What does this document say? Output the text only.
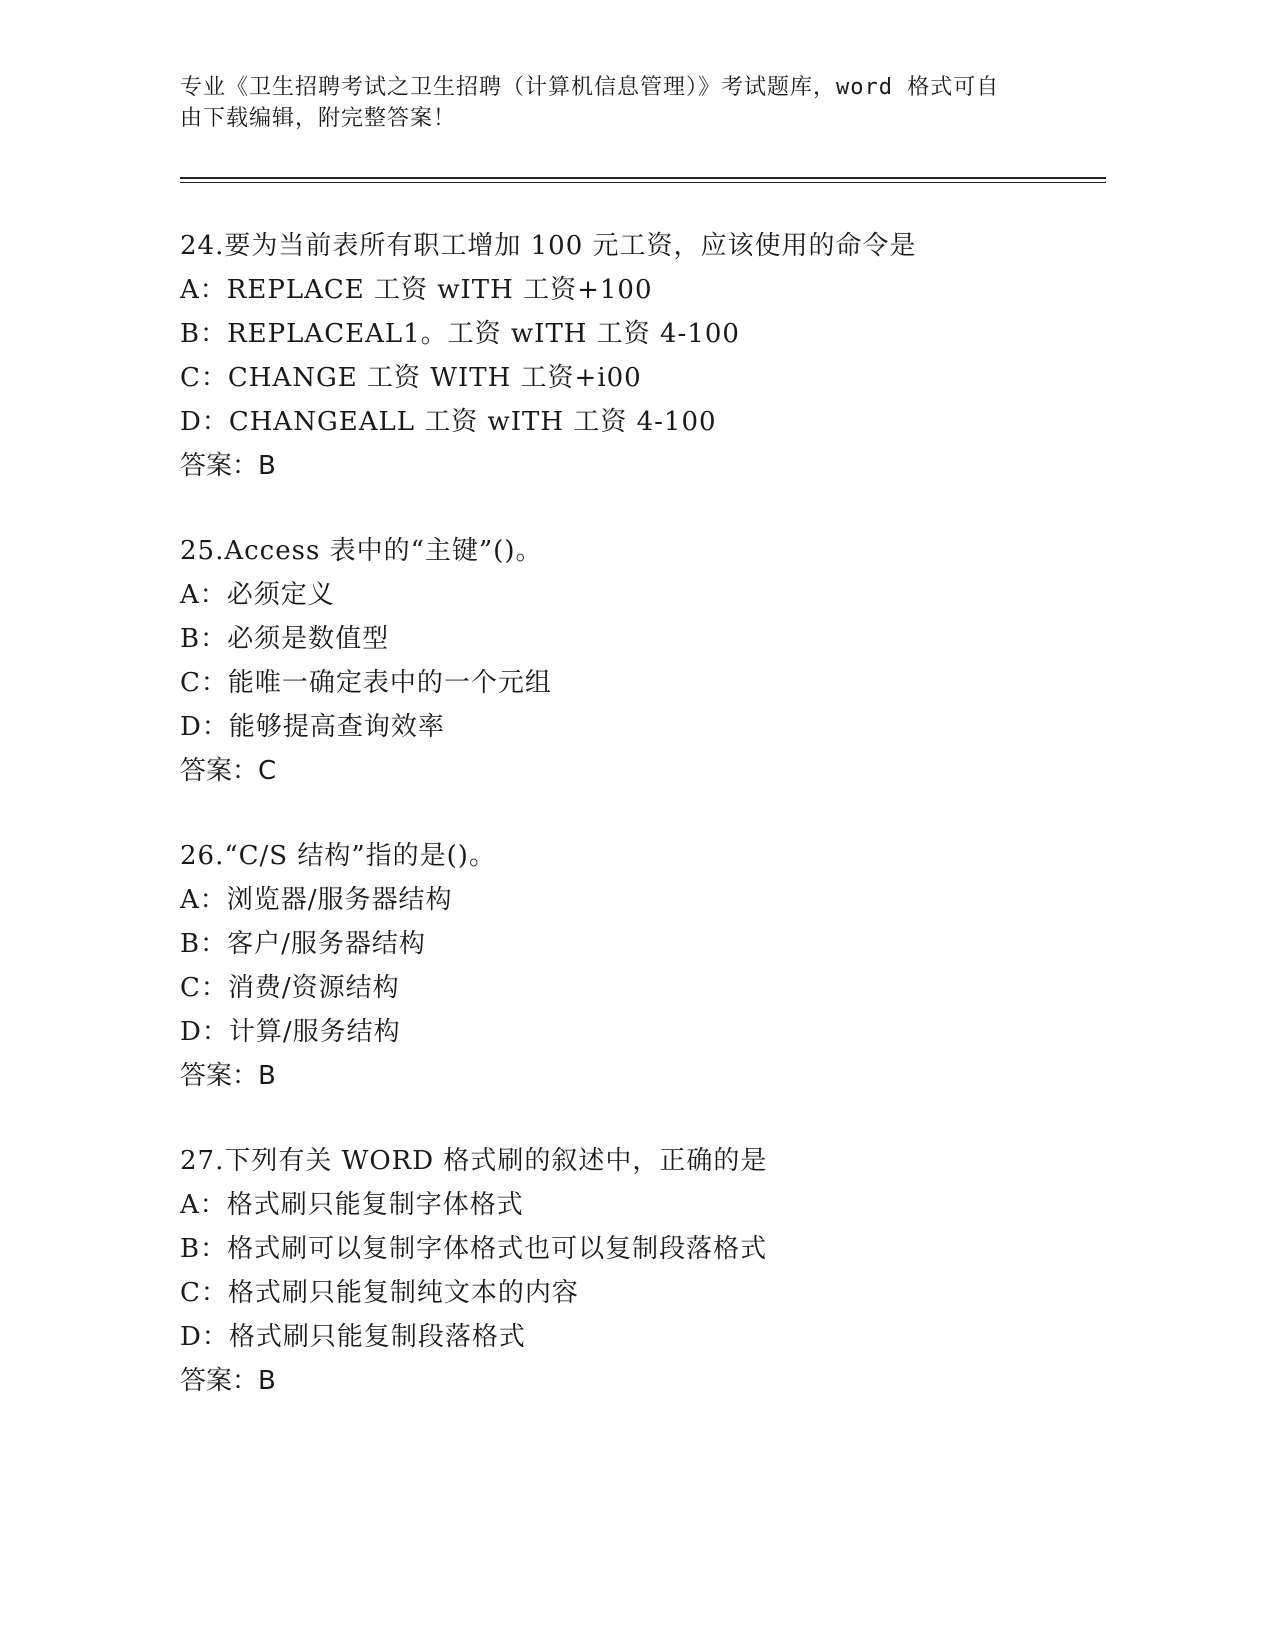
专业《卫生招聘考试之卫生招聘（计算机信息管理）》考试题库，word 格式可自
由下载编辑，附完整答案！
24.要为当前表所有职工增加 100 元工资，应该使用的命令是
A：REPLACE 工资 wITH 工资+100
B：REPLACEAL1。工资 wITH 工资 4-100
C：CHANGE 工资 WITH 工资+i00
D：CHANGEALL 工资 wITH 工资 4-100
答案：B
25.Access 表中的“主键”()。
A：必须定义
B：必须是数值型
C：能唯一确定表中的一个元组
D：能够提高查询效率
答案：C
26.“C/S 结构”指的是()。
A：浏览器/服务器结构
B：客户/服务器结构
C：消费/资源结构
D：计算/服务结构
答案：B
27.下列有关 WORD 格式刷的叙述中，正确的是
A：格式刷只能复制字体格式
B：格式刷可以复制字体格式也可以复制段落格式
C：格式刷只能复制纯文本的内容
D：格式刷只能复制段落格式
答案：B
